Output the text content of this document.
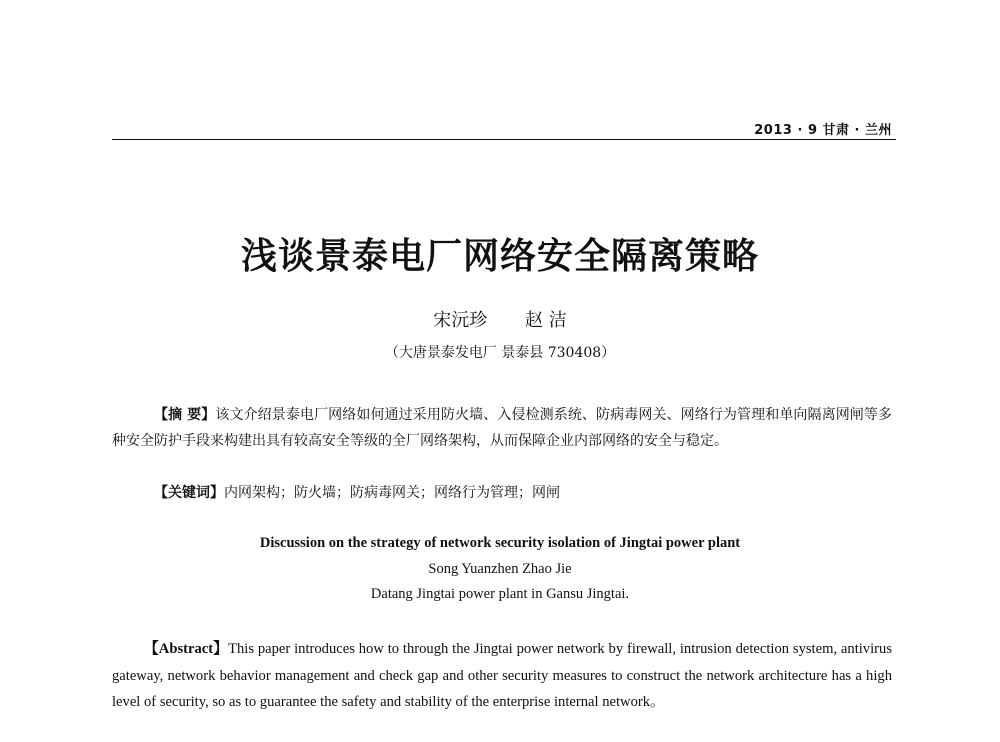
2013 · 9 甘肃 · 兰州
浅谈景泰电厂网络安全隔离策略
宋沅珍 赵 洁
（大唐景泰发电厂 景泰县 730408）
【摘 要】该文介绍景泰电厂网络如何通过采用防火墙、入侵检测系统、防病毒网关、网络行为管理和单向隔离网闸等多种安全防护手段来构建出具有较高安全等级的全厂网络架构，从而保障企业内部网络的安全与稳定。
【关键词】内网架构；防火墙；防病毒网关；网络行为管理；网闸
Discussion on the strategy of network security isolation of Jingtai power plant
Song Yuanzhen Zhao Jie
Datang Jingtai power plant in Gansu Jingtai.
【Abstract】This paper introduces how to through the Jingtai power network by firewall, intrusion detection system, antivirus gateway, network behavior management and check gap and other security measures to construct the network architecture has a high level of security, so as to guarantee the safety and stability of the enterprise internal network。
